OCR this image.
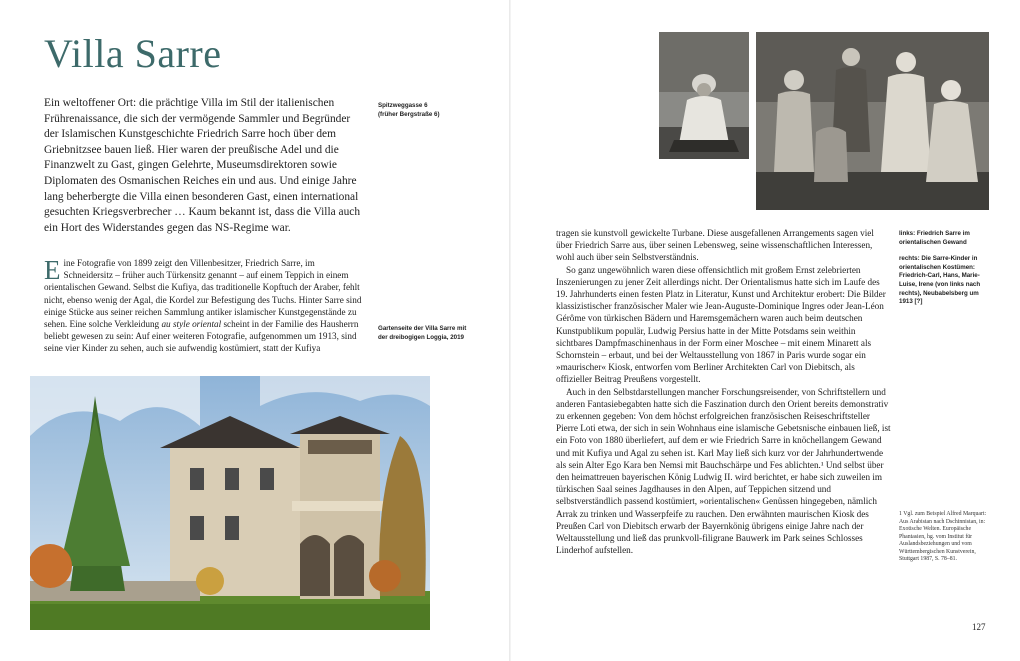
Villa Sarre

Ein weltoffener Ort: die prächtige Villa im Stil der italienischen Frührenaissance, die sich der vermögende Sammler und Begründer der Islamischen Kunstgeschichte Friedrich Sarre hoch über dem Griebnitzsee bauen ließ. Hier waren der preußische Adel und die Finanzwelt zu Gast, gingen Gelehrte, Museumsdirektoren sowie Diplomaten des Osmanischen Reiches ein und aus. Und einige Jahre lang beherbergte die Villa einen besonderen Gast, einen international gesuchten Kriegsverbrecher … Kaum bekannt ist, dass die Villa auch ein Hort des Widerstandes gegen das NS-Regime war.

Spitzweggasse 6
(früher Bergstraße 6)
Eine Fotografie von 1899 zeigt den Villenbesitzer, Friedrich Sarre, im Schneidersitz – früher auch Türkensitz genannt – auf einem Teppich in einem orientalischen Gewand. Selbst die Kufiya, das traditionelle Kopftuch der Araber, fehlt nicht, ebenso wenig der Agal, die Kordel zur Befestigung des Tuchs. Hinter Sarre sind einige Stücke aus seiner reichen Sammlung antiker islamischer Kunstgegenstände zu sehen. Eine solche Verkleidung au style oriental scheint in der Familie des Hausherrn beliebt gewesen zu sein: Auf einer weiteren Fotografie, aufgenommen um 1913, sind seine vier Kinder zu sehen, auch sie aufwendig kostümiert, statt der Kufiya
Gartenseite der Villa Sarre mit der dreibogigen Loggia, 2019
links: Friedrich Sarre im orientalischen Gewand
rechts: Die Sarre-Kinder in orientalischen Kostümen: Friedrich-Carl, Hans, Marie-Luise, Irene (von links nach rechts), Neubabelsberg um 1913 [?]

tragen sie kunstvoll gewickelte Turbane. Diese ausgefallenen Arrangements sagen viel über Friedrich Sarre aus, über seinen Lebensweg, seine wissenschaftlichen Interessen, wohl auch über sein Selbstverständnis.

So ganz ungewöhnlich waren diese offensichtlich mit großem Ernst zelebrierten Inszenierungen zu jener Zeit allerdings nicht. Der Orientalismus hatte sich im Laufe des 19. Jahrhunderts einen festen Platz in Literatur, Kunst und Architektur erobert: Die Bilder klassizistischer französischer Maler wie Jean-Auguste-Dominique Ingres oder Jean-Léon Gérôme von türkischen Bädern und Haremsgemächern waren auch beim deutschen Kunstpublikum populär, Ludwig Persius hatte in der Mitte Potsdams sein weithin sichtbares Dampfmaschinenhaus in der Form einer Moschee – mit einem Minarett als Schornstein – erbaut, und bei der Weltausstellung von 1867 in Paris wurde sogar ein »maurischer« Kiosk, entworfen vom Berliner Architekten Carl von Diebitsch, als offizieller Beitrag Preußens vorgestellt.

Auch in den Selbstdarstellungen mancher Forschungsreisender, von Schriftstellern und anderen Fantasiebegabten hatte sich die Faszination durch den Orient bereits demonstrativ zu erkennen gegeben: Von dem höchst erfolgreichen französischen Reiseschriftsteller Pierre Loti etwa, der sich in sein Wohnhaus eine islamische Gebetsnische einbauen ließ, ist ein Foto von 1880 überliefert, auf dem er wie Friedrich Sarre in knöchellangem Gewand und mit Kufiya und Agal zu sehen ist. Karl May ließ sich kurz vor der Jahrhundertwende als sein Alter Ego Kara ben Nemsi mit Bauchschärpe und Fes ablichten.¹ Und selbst über den heimattreuen bayerischen König Ludwig II. wird berichtet, er habe sich zuweilen im türkischen Saal seines Jagdhauses in den Alpen, auf Teppichen sitzend und selbstverständlich passend kostümiert, »orientalischen« Genüssen hingegeben, nämlich Arrak zu trinken und Wasserpfeife zu rauchen. Den erwähnten maurischen Kiosk des Preußen Carl von Diebitsch erwarb der Bayernkönig übrigens einige Jahre nach der Weltausstellung und ließ das prunkvoll-filigrane Bauwerk im Park seines Schlosses Linderhof aufstellen.

1 Vgl. zum Beispiel Alfred Marquart: Aus Arabistan nach Dschinnistan, in: Exotische Welten. Europäische Phantasien, hg. vom Institut für Auslandsbeziehungen und vom Württembergischen Kunstverein, Stuttgart 1987, S. 78–81.
127
